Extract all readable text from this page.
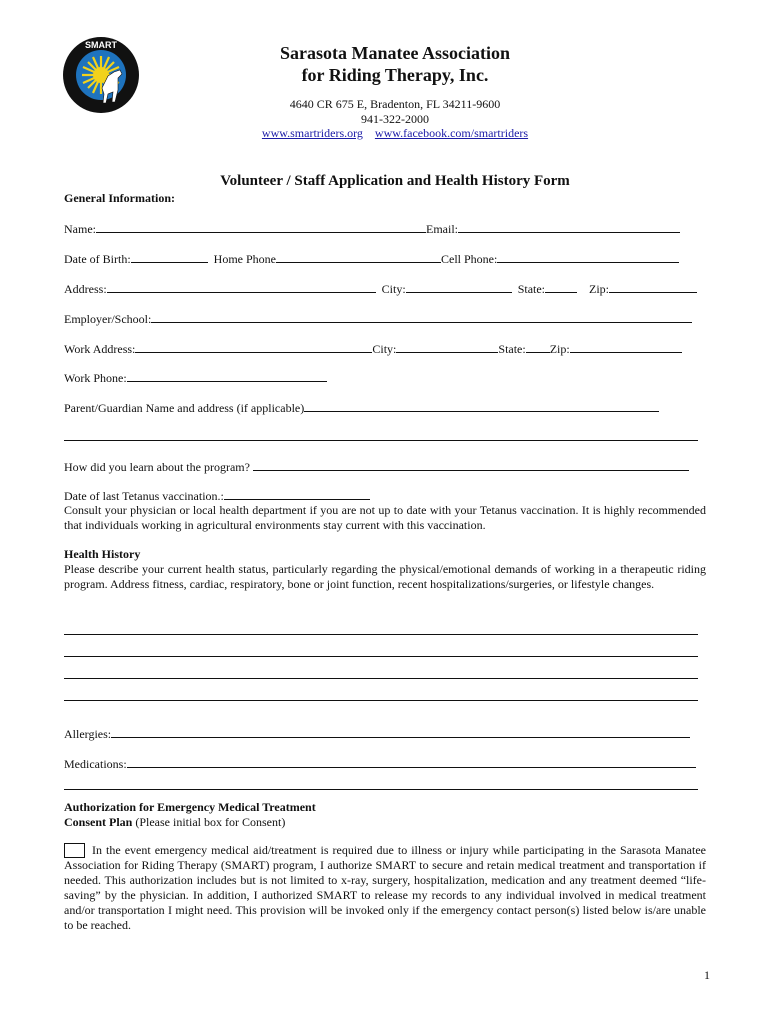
SMART	Sarasota Manatee Association
for Riding Therapy, Inc.
4640 CR 675 E, Bradenton, FL 34211-9600
941-322-2000
www.smartriders.org www.facebook.com/smartriders
Volunteer / Staff Application and Health History Form
General Information:
Name:	Email:
Date of Birth:	Home Phone	Cell Phone:
Address:	City:	State:	Zip:
Employer/School:
Work Address:	City:	State: Zip:
Work Phone:
Parent/Guardian Name and address (if applicable)
How did you learn about the program?
Date of last Tetanus vaccination.:
Consult your physician or local health department if you are not up to date with your Tetanus vaccination. It is highly recommended that individuals working in agricultural environments stay current with this vaccination.
Health History
Please describe your current health status, particularly regarding the physical/emotional demands of working in a therapeutic riding program. Address fitness, cardiac, respiratory, bone or joint function, recent hospitalizations/surgeries, or lifestyle changes.
Allergies:
Medications:
Authorization for Emergency Medical Treatment
Consent Plan (Please initial box for Consent)
In the event emergency medical aid/treatment is required due to illness or injury while participating in the Sarasota Manatee Association for Riding Therapy (SMART) program, I authorize SMART to secure and retain medical treatment and transportation if needed. This authorization includes but is not limited to x-ray, surgery, hospitalization, medication and any treatment deemed “life-saving” by the physician. In addition, I authorized SMART to release my records to any individual involved in medical treatment and/or transportation I might need. This provision will be invoked only if the emergency contact person(s) listed below is/are unable to be reached.
1
